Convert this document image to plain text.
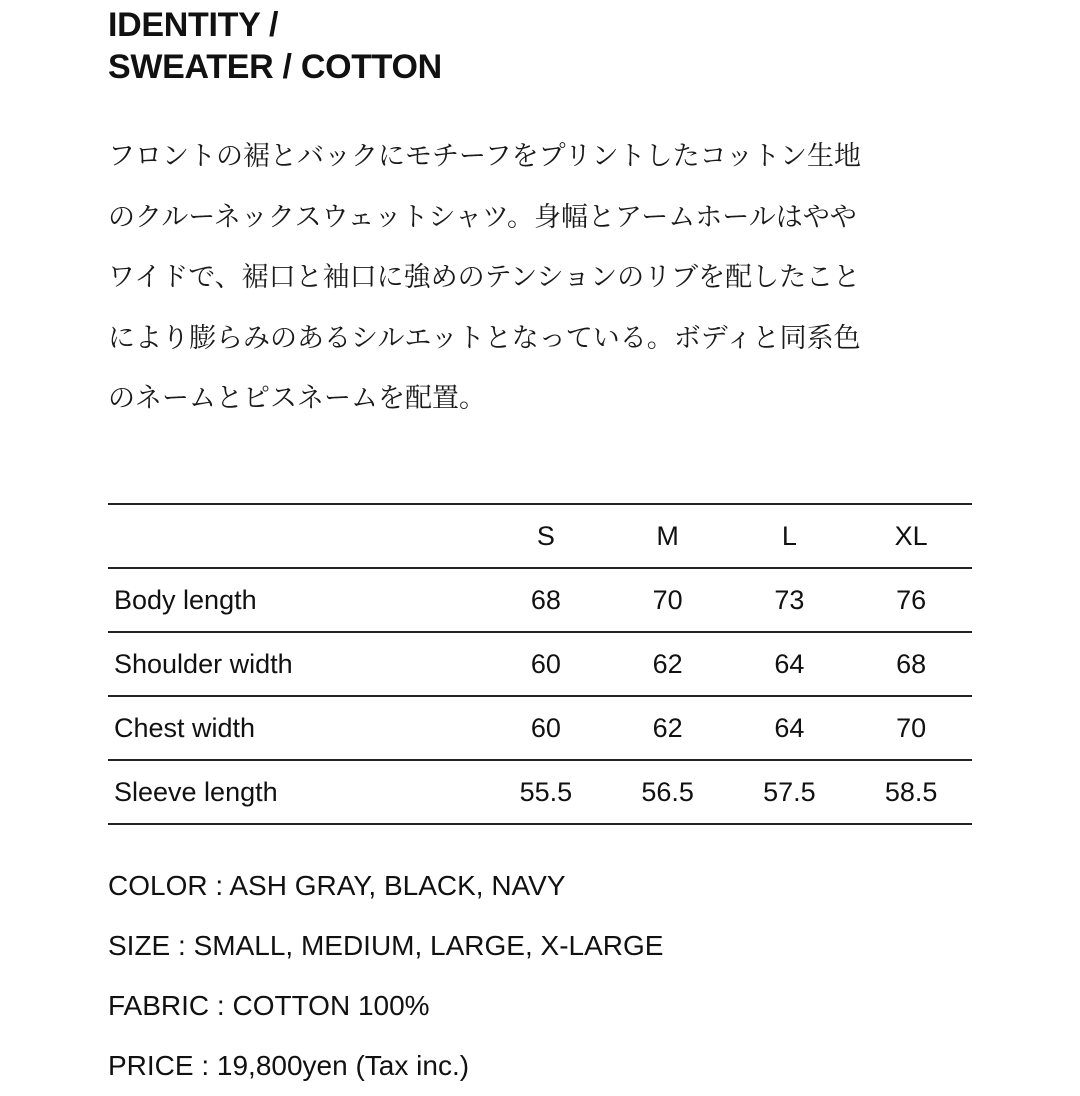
IDENTITY /
SWEATER / COTTON
フロントの裾とバックにモチーフをプリントしたコットン生地
のクルーネックスウェットシャツ。身幅とアームホールはやや
ワイドで、裾口と袖口に強めのテンションのリブを配したこと
により膨らみのあるシルエットとなっている。ボディと同系色
のネームとピスネームを配置。
	S	M	L	XL
Body length	68	70	73	76
Shoulder width	60	62	64	68
Chest width	60	62	64	70
Sleeve length	55.5	56.5	57.5	58.5
COLOR : ASH GRAY, BLACK, NAVY
SIZE : SMALL, MEDIUM, LARGE, X-LARGE
FABRIC : COTTON 100%
PRICE : 19,800yen (Tax inc.)
